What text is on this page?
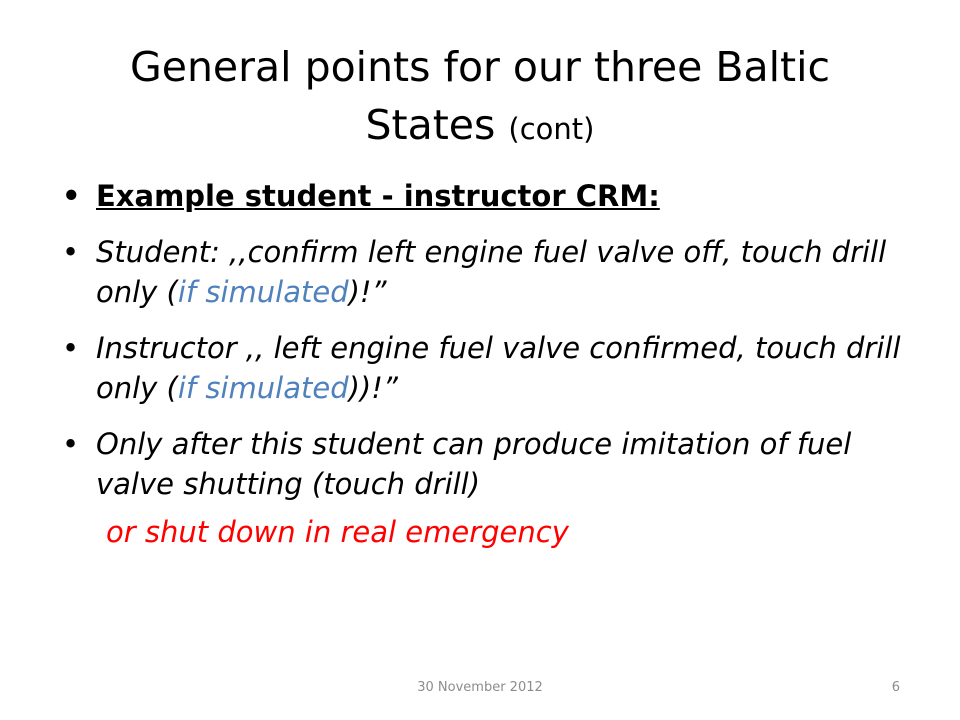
General points for our three Baltic States (cont)
• Example student - instructor CRM:
• Student: ,,confirm left engine fuel valve off, touch drill only (if simulated)!”
• Instructor ,, left engine fuel valve confirmed, touch drill only (if simulated))!”
• Only after this student can produce imitation of fuel valve shutting (touch drill)
or shut down in real emergency
30 November 2012	6
